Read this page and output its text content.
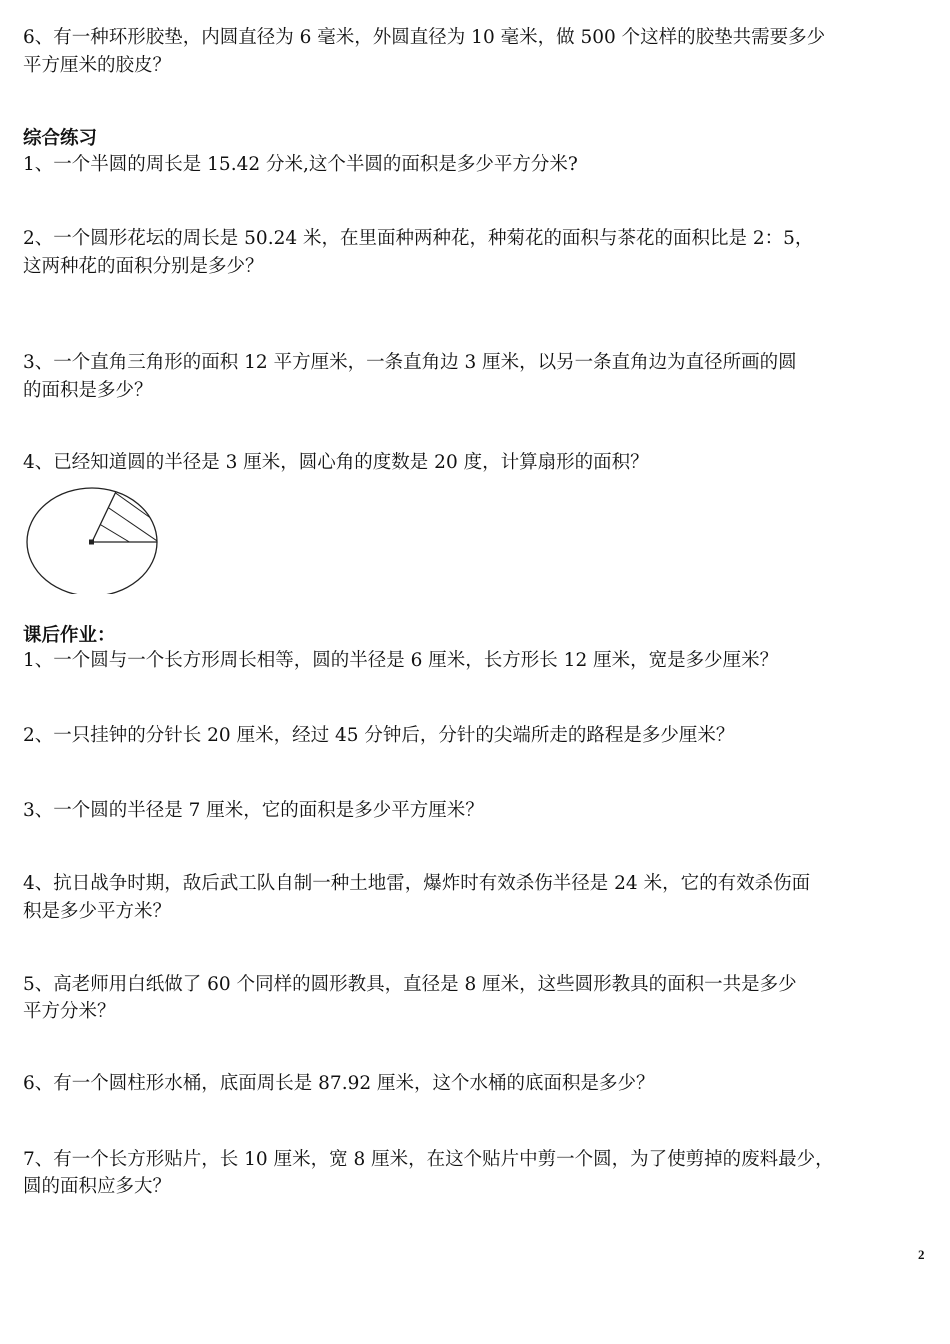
6、有一种环形胶垫，内圆直径为 6 毫米，外圆直径为 10 毫米，做 500 个这样的胶垫共需要多少

平方厘米的胶皮？

综合练习

1、一个半圆的周长是 15.42 分米,这个半圆的面积是多少平方分米?

2、一个圆形花坛的周长是 50.24 米，在里面种两种花，种菊花的面积与茶花的面积比是 2：5，

这两种花的面积分别是多少？

3、一个直角三角形的面积 12 平方厘米，一条直角边 3 厘米，以另一条直角边为直径所画的圆

的面积是多少？

4、已经知道圆的半径是 3 厘米，圆心角的度数是 20 度，计算扇形的面积？

课后作业：

1、一个圆与一个长方形周长相等，圆的半径是 6 厘米，长方形长 12 厘米，宽是多少厘米？

2、一只挂钟的分针长 20 厘米，经过 45 分钟后，分针的尖端所走的路程是多少厘米？

3、一个圆的半径是 7 厘米，它的面积是多少平方厘米？

4、抗日战争时期，敌后武工队自制一种土地雷，爆炸时有效杀伤半径是 24 米，它的有效杀伤面

积是多少平方米？

5、高老师用白纸做了 60 个同样的圆形教具，直径是 8 厘米，这些圆形教具的面积一共是多少

平方分米？

6、有一个圆柱形水桶，底面周长是 87.92 厘米，这个水桶的底面积是多少？

7、有一个长方形贴片，长 10 厘米，宽 8 厘米，在这个贴片中剪一个圆，为了使剪掉的废料最少，

圆的面积应多大？

2
